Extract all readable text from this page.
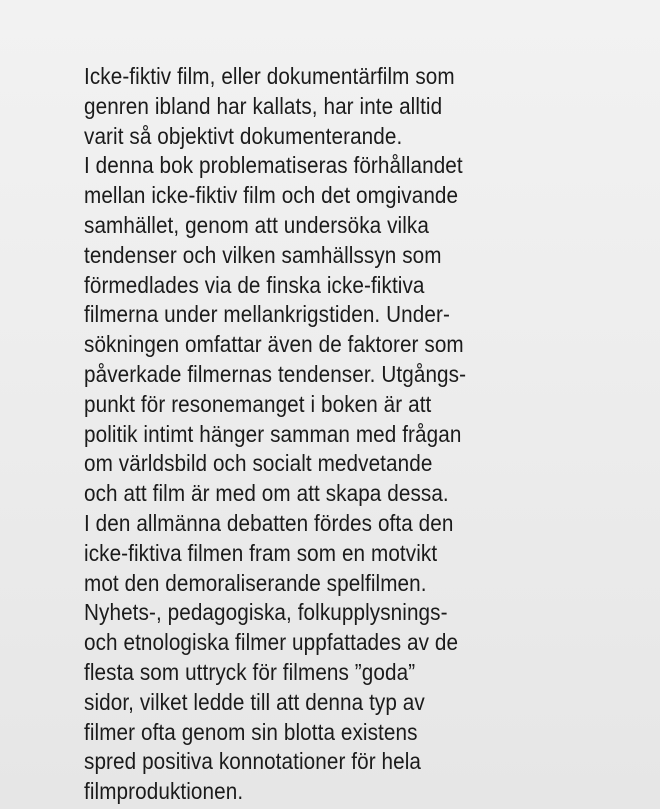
Icke-fiktiv film, eller dokumentärfilm som
genren ibland har kallats, har inte alltid
varit så objektivt dokumenterande.
I denna bok problematiseras förhållandet
mellan icke-fiktiv film och det omgivande
samhället, genom att undersöka vilka
tendenser och vilken samhällssyn som
förmedlades via de finska icke-fiktiva
filmerna under mellankrigstiden. Under-
sökningen omfattar även de faktorer som
påverkade filmernas tendenser. Utgångs-
punkt för resonemanget i boken är att
politik intimt hänger samman med frågan
om världsbild och socialt medvetande
och att film är med om att skapa dessa.
I den allmänna debatten fördes ofta den
icke-fiktiva filmen fram som en motvikt
mot den demoraliserande spelfilmen.
Nyhets-, pedagogiska, folkupplysnings-
och etnologiska filmer uppfattades av de
flesta som uttryck för filmens ”goda”
sidor, vilket ledde till att denna typ av
filmer ofta genom sin blotta existens
spred positiva konnotationer för hela
filmproduktionen.
